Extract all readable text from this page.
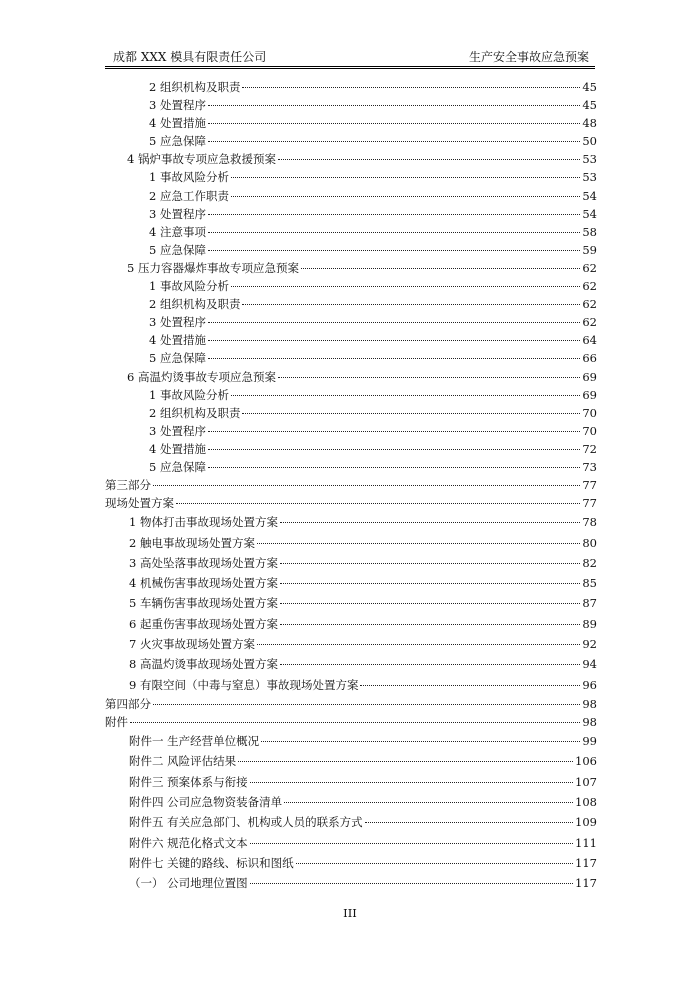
成都 XXX 模具有限责任公司	生产安全事故应急预案
2 组织机构及职责	45
3 处置程序	45
4 处置措施	48
5 应急保障	50
4 锅炉事故专项应急救援预案	53
1 事故风险分析	53
2 应急工作职责	54
3 处置程序	54
4 注意事项	58
5 应急保障	59
5 压力容器爆炸事故专项应急预案	62
1 事故风险分析	62
2 组织机构及职责	62
3 处置程序	62
4 处置措施	64
5 应急保障	66
6 高温灼烫事故专项应急预案	69
1 事故风险分析	69
2 组织机构及职责	70
3 处置程序	70
4 处置措施	72
5 应急保障	73
第三部分	77
现场处置方案	77
1 物体打击事故现场处置方案	78
2 触电事故现场处置方案	80
3 高处坠落事故现场处置方案	82
4 机械伤害事故现场处置方案	85
5 车辆伤害事故现场处置方案	87
6 起重伤害事故现场处置方案	89
7 火灾事故现场处置方案	92
8 高温灼烫事故现场处置方案	94
9 有限空间（中毒与窒息）事故现场处置方案	96
第四部分	98
附件	98
附件一 生产经营单位概况	99
附件二 风险评估结果	106
附件三 预案体系与衔接	107
附件四 公司应急物资装备清单	108
附件五 有关应急部门、机构或人员的联系方式	109
附件六 规范化格式文本	111
附件七 关键的路线、标识和图纸	117
（一） 公司地理位置图	117
III
